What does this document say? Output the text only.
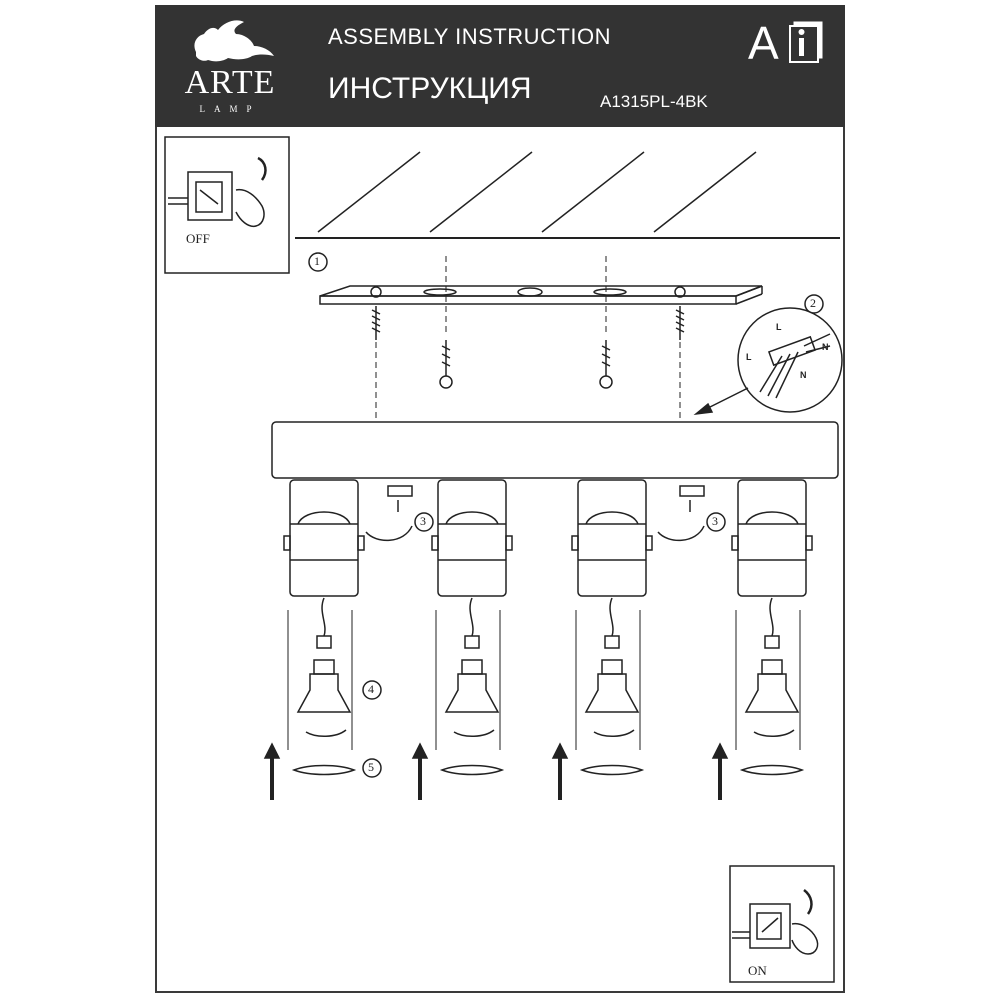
ARTE
LAMP
ASSEMBLY INSTRUCTION
ИНСТРУКЦИЯ	A1315PL-4BK
A
1
2
3	3
4
5
OFF
ON
L
L
N
N
